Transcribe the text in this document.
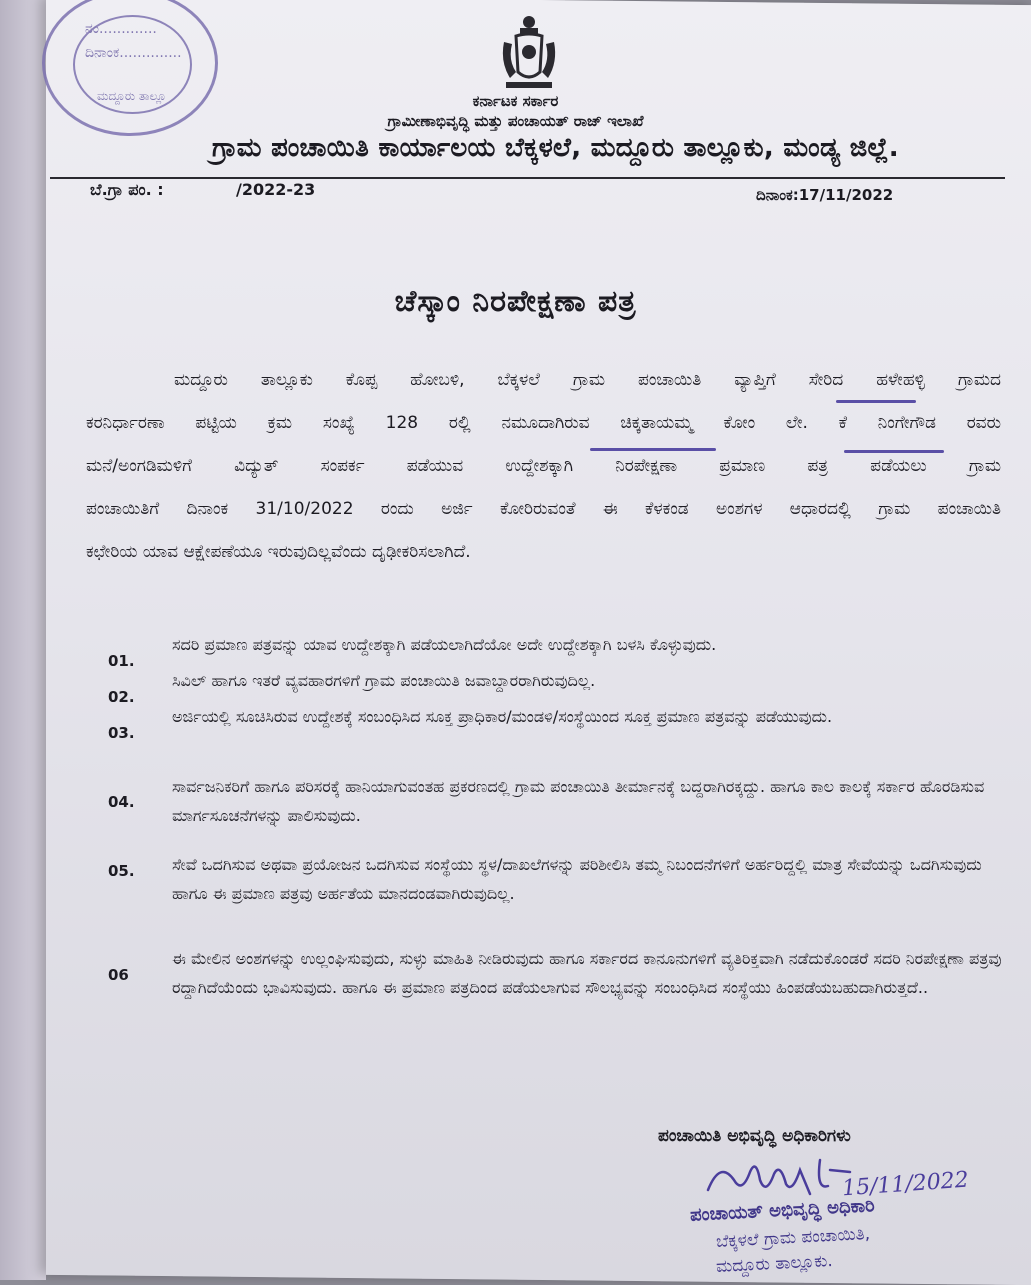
ನಂ.............
ದಿನಾಂಕ..............
ಮದ್ದೂರು ತಾಲ್ಲೂ	ಕರ್ನಾಟಕ ಸರ್ಕಾರ
ಗ್ರಾಮೀಣಾಭಿವೃದ್ಧಿ ಮತ್ತು ಪಂಚಾಯತ್ ರಾಜ್ ಇಲಾಖೆ
ಗ್ರಾಮ ಪಂಚಾಯಿತಿ ಕಾರ್ಯಾಲಯ ಬೆಕ್ಕಳಲೆ, ಮದ್ದೂರು ತಾಲ್ಲೂಕು, ಮಂಡ್ಯ ಜಿಲ್ಲೆ.
ಬೆ.ಗ್ರಾ ಪಂ. :	/2022-23	ದಿನಾಂಕ:17/11/2022
ಚೆಸ್ಕಾಂ ನಿರಪೇಕ್ಷಣಾ ಪತ್ರ
ಮದ್ದೂರು ತಾಲ್ಲೂಕು ಕೊಪ್ಪ ಹೋಬಳಿ, ಬೆಕ್ಕಳಲೆ ಗ್ರಾಮ ಪಂಚಾಯಿತಿ ವ್ಯಾಪ್ತಿಗೆ ಸೇರಿದ ಹಳೇಹಳ್ಳಿ ಗ್ರಾಮದ
ಕರನಿರ್ಧಾರಣಾ ಪಟ್ಟಿಯ ಕ್ರಮ ಸಂಖ್ಯೆ 128 ರಲ್ಲಿ ನಮೂದಾಗಿರುವ ಚಿಕ್ಕತಾಯಮ್ಮ ಕೋಂ ಲೇ. ಕೆ ನಿಂಗೇಗೌಡ ರವರು
ಮನೆ/ಅಂಗಡಿಮಳಿಗೆ ವಿದ್ಯುತ್ ಸಂಪರ್ಕ ಪಡೆಯುವ ಉದ್ದೇಶಕ್ಕಾಗಿ ನಿರಪೇಕ್ಷಣಾ ಪ್ರಮಾಣ ಪತ್ರ ಪಡೆಯಲು ಗ್ರಾಮ
ಪಂಚಾಯಿತಿಗೆ ದಿನಾಂಕ 31/10/2022 ರಂದು ಅರ್ಜಿ ಕೋರಿರುವಂತೆ ಈ ಕೆಳಕಂಡ ಅಂಶಗಳ ಆಧಾರದಲ್ಲಿ ಗ್ರಾಮ ಪಂಚಾಯಿತಿ
ಕಛೇರಿಯ ಯಾವ ಆಕ್ಷೇಪಣೆಯೂ ಇರುವುದಿಲ್ಲವೆಂದು ದೃಢೀಕರಿಸಲಾಗಿದೆ.
01.
ಸದರಿ ಪ್ರಮಾಣ ಪತ್ರವನ್ನು ಯಾವ ಉದ್ದೇಶಕ್ಕಾಗಿ ಪಡೆಯಲಾಗಿದೆಯೋ ಅದೇ ಉದ್ದೇಶಕ್ಕಾಗಿ ಬಳಸಿ ಕೊಳ್ಳುವುದು.
02.
ಸಿವಿಲ್ ಹಾಗೂ ಇತರೆ ವ್ಯವಹಾರಗಳಿಗೆ ಗ್ರಾಮ ಪಂಚಾಯಿತಿ ಜವಾಬ್ದಾರರಾಗಿರುವುದಿಲ್ಲ.
03.
ಅರ್ಜಿಯಲ್ಲಿ ಸೂಚಿಸಿರುವ ಉದ್ದೇಶಕ್ಕೆ ಸಂಬಂಧಿಸಿದ ಸೂಕ್ತ ಪ್ರಾಧಿಕಾರ/ಮಂಡಳಿ/ಸಂಸ್ಥೆಯಿಂದ ಸೂಕ್ತ ಪ್ರಮಾಣ ಪತ್ರವನ್ನು ಪಡೆಯುವುದು.
04.
ಸಾರ್ವಜನಿಕರಿಗೆ ಹಾಗೂ ಪರಿಸರಕ್ಕೆ ಹಾನಿಯಾಗುವಂತಹ ಪ್ರಕರಣದಲ್ಲಿ ಗ್ರಾಮ ಪಂಚಾಯಿತಿ ತೀರ್ಮಾನಕ್ಕೆ ಬದ್ದರಾಗಿರಕ್ಕದ್ದು. ಹಾಗೂ ಕಾಲ ಕಾಲಕ್ಕೆ ಸರ್ಕಾರ ಹೊರಡಿಸುವ ಮಾರ್ಗಸೂಚನೆಗಳನ್ನು ಪಾಲಿಸುವುದು.
05. ಸೇವೆ ಒದಗಿಸುವ ಅಥವಾ ಪ್ರಯೋಜನ ಒದಗಿಸುವ ಸಂಸ್ಥೆಯು ಸ್ಥಳ/ದಾಖಲೆಗಳನ್ನು ಪರಿಶೀಲಿಸಿ ತಮ್ಮ ನಿಬಂದನೆಗಳಿಗೆ ಅರ್ಹರಿದ್ದಲ್ಲಿ ಮಾತ್ರ ಸೇವೆಯನ್ನು ಒದಗಿಸುವುದು ಹಾಗೂ ಈ ಪ್ರಮಾಣ ಪತ್ರವು ಅರ್ಹತೆಯ ಮಾನದಂಡವಾಗಿರುವುದಿಲ್ಲ.
06
ಈ ಮೇಲಿನ ಅಂಶಗಳನ್ನು ಉಲ್ಲಂಘಿಸುವುದು, ಸುಳ್ಳು ಮಾಹಿತಿ ನೀಡಿರುವುದು ಹಾಗೂ ಸರ್ಕಾರದ ಕಾನೂನುಗಳಿಗೆ ವ್ಯತಿರಿಕ್ತವಾಗಿ ನಡೆದುಕೊಂಡರೆ ಸದರಿ ನಿರಪೇಕ್ಷಣಾ ಪತ್ರವು ರದ್ದಾಗಿದೆಯೆಂದು ಭಾವಿಸುವುದು. ಹಾಗೂ ಈ ಪ್ರಮಾಣ ಪತ್ರದಿಂದ ಪಡೆಯಲಾಗುವ ಸೌಲಭ್ಯವನ್ನು ಸಂಬಂಧಿಸಿದ ಸಂಸ್ಥೆಯು ಹಿಂಪಡೆಯಬಹುದಾಗಿರುತ್ತದೆ..
ಪಂಚಾಯಿತಿ ಅಭಿವೃದ್ಧಿ ಅಧಿಕಾರಿಗಳು
15/11/2022
ಪಂಚಾಯತ್ ಅಭಿವೃದ್ಧಿ ಅಧಿಕಾರಿ
ಬೆಕ್ಕಳಲೆ ಗ್ರಾಮ ಪಂಚಾಯಿತಿ,
ಮದ್ದೂರು ತಾಲ್ಲೂಕು.
